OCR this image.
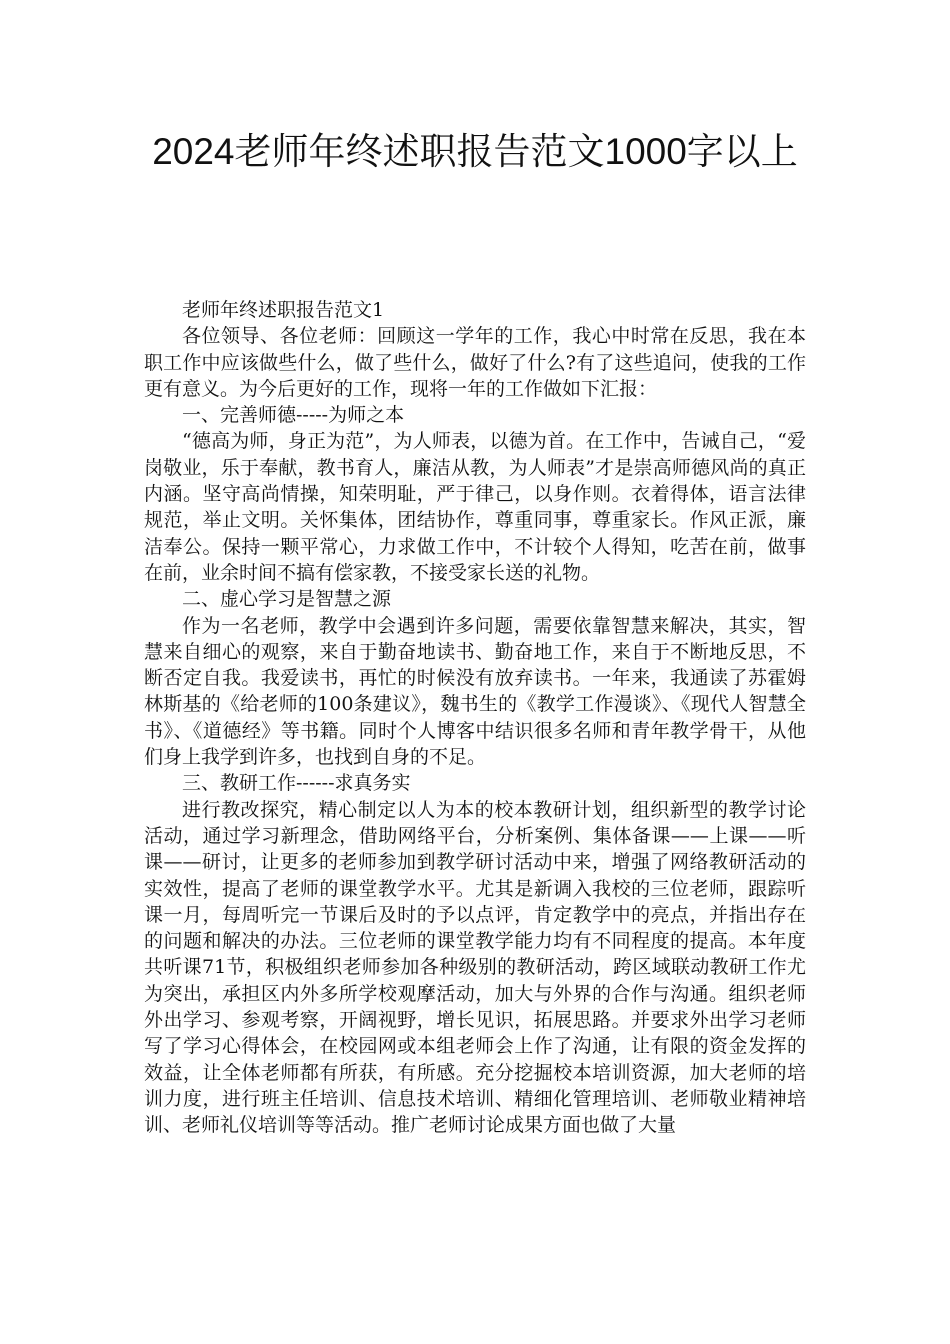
2024老师年终述职报告范文1000字以上

老师年终述职报告范文1

各位领导、各位老师：回顾这一学年的工作，我心中时常在反思，我在本职工作中应该做些什么，做了些什么，做好了什么?有了这些追问，使我的工作更有意义。为今后更好的工作，现将一年的工作做如下汇报：

一、完善师德-----为师之本

“德高为师，身正为范”，为人师表，以德为首。在工作中，告诫自己，“爱岗敬业，乐于奉献，教书育人，廉洁从教，为人师表”才是崇高师德风尚的真正内涵。坚守高尚情操，知荣明耻，严于律己，以身作则。衣着得体，语言法律规范，举止文明。关怀集体，团结协作，尊重同事，尊重家长。作风正派，廉洁奉公。保持一颗平常心，力求做工作中，不计较个人得知，吃苦在前，做事在前，业余时间不搞有偿家教，不接受家长送的礼物。

二、虚心学习是智慧之源

作为一名老师，教学中会遇到许多问题，需要依靠智慧来解决，其实，智慧来自细心的观察，来自于勤奋地读书、勤奋地工作，来自于不断地反思，不断否定自我。我爱读书，再忙的时候没有放弃读书。一年来，我通读了苏霍姆林斯基的《给老师的100条建议》，魏书生的《教学工作漫谈》、《现代人智慧全书》、《道德经》等书籍。同时个人博客中结识很多名师和青年教学骨干，从他们身上我学到许多，也找到自身的不足。

三、教研工作------求真务实

进行教改探究，精心制定以人为本的校本教研计划，组织新型的教学讨论活动，通过学习新理念，借助网络平台，分析案例、集体备课——上课——听课——研讨，让更多的老师参加到教学研讨活动中来，增强了网络教研活动的实效性，提高了老师的课堂教学水平。尤其是新调入我校的三位老师，跟踪听课一月，每周听完一节课后及时的予以点评，肯定教学中的亮点，并指出存在的问题和解决的办法。三位老师的课堂教学能力均有不同程度的提高。本年度共听课71节，积极组织老师参加各种级别的教研活动，跨区域联动教研工作尤为突出，承担区内外多所学校观摩活动，加大与外界的合作与沟通。组织老师外出学习、参观考察，开阔视野，增长见识，拓展思路。并要求外出学习老师写了学习心得体会，在校园网或本组老师会上作了沟通，让有限的资金发挥的效益，让全体老师都有所获，有所感。充分挖掘校本培训资源，加大老师的培训力度，进行班主任培训、信息技术培训、精细化管理培训、老师敬业精神培训、老师礼仪培训等等活动。推广老师讨论成果方面也做了大量
